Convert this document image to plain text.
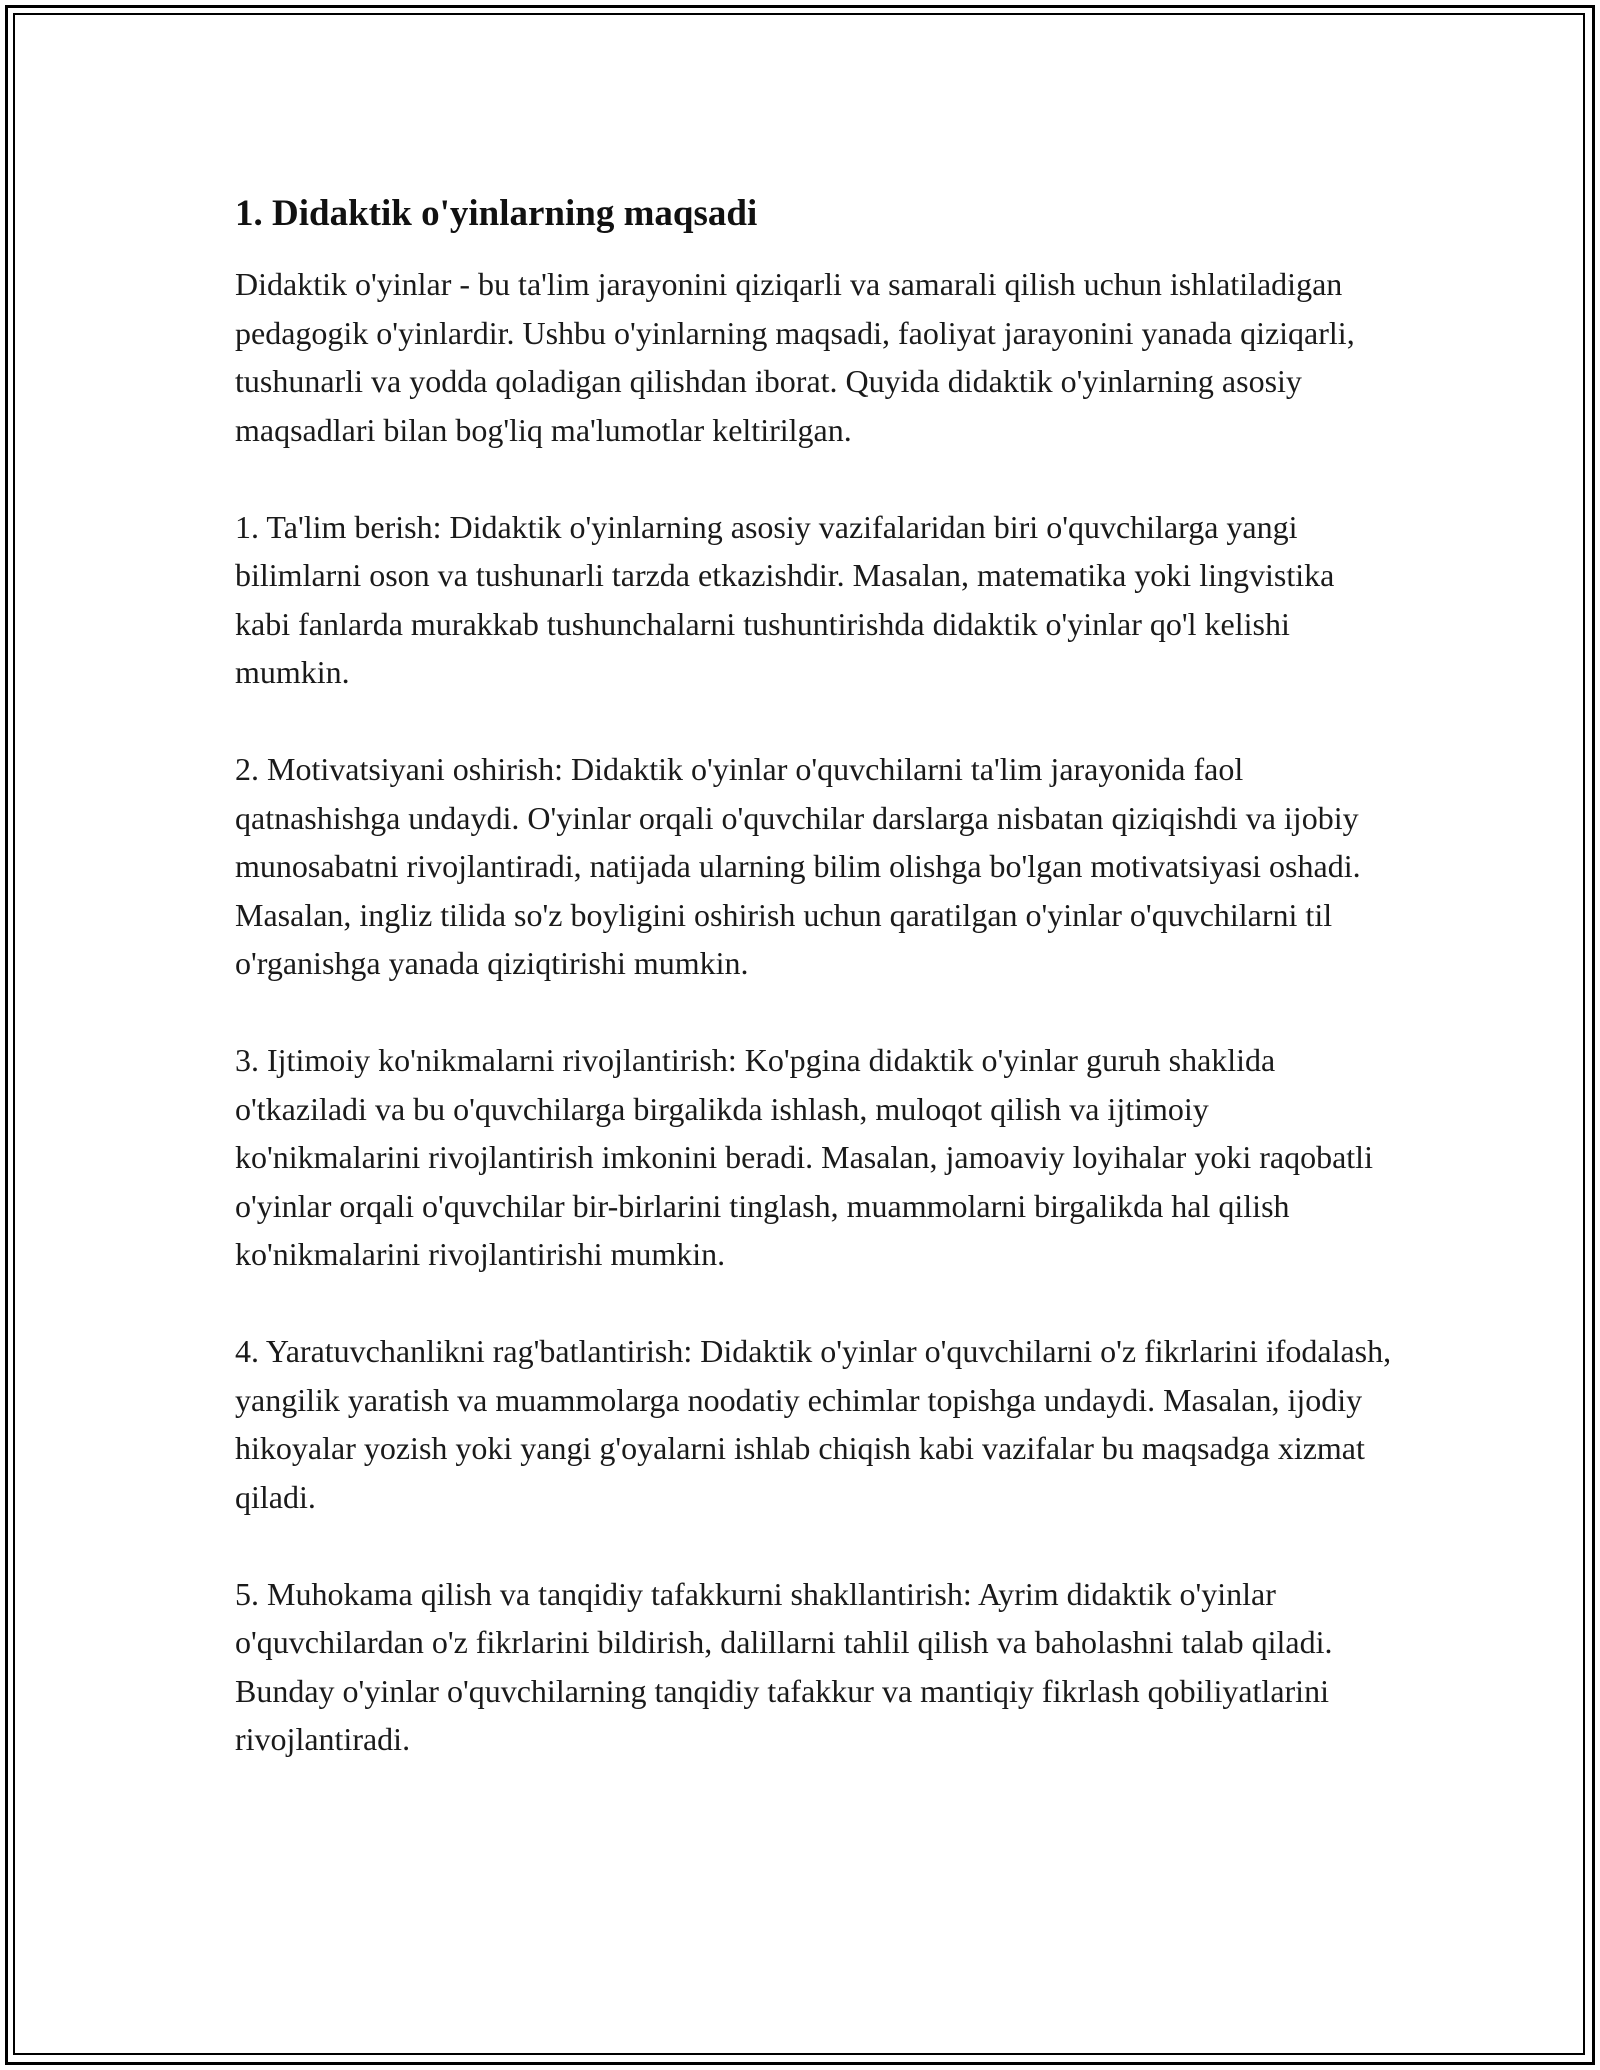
1. Didaktik o'yinlarning maqsadi

Didaktik o'yinlar - bu ta'lim jarayonini qiziqarli va samarali qilish uchun ishlatiladigan pedagogik o'yinlardir. Ushbu o'yinlarning maqsadi, faoliyat jarayonini yanada qiziqarli, tushunarli va yodda qoladigan qilishdan iborat. Quyida didaktik o'yinlarning asosiy maqsadlari bilan bog'liq ma'lumotlar keltirilgan.

1. Ta'lim berish: Didaktik o'yinlarning asosiy vazifalaridan biri o'quvchilarga yangi bilimlarni oson va tushunarli tarzda etkazishdir. Masalan, matematika yoki lingvistika kabi fanlarda murakkab tushunchalarni tushuntirishda didaktik o'yinlar qo'l kelishi mumkin.

2. Motivatsiyani oshirish: Didaktik o'yinlar o'quvchilarni ta'lim jarayonida faol qatnashishga undaydi. O'yinlar orqali o'quvchilar darslarga nisbatan qiziqishdi va ijobiy munosabatni rivojlantiradi, natijada ularning bilim olishga bo'lgan motivatsiyasi oshadi. Masalan, ingliz tilida so'z boyligini oshirish uchun qaratilgan o'yinlar o'quvchilarni til o'rganishga yanada qiziqtirishi mumkin.

3. Ijtimoiy ko'nikmalarni rivojlantirish: Ko'pgina didaktik o'yinlar guruh shaklida o'tkaziladi va bu o'quvchilarga birgalikda ishlash, muloqot qilish va ijtimoiy ko'nikmalarini rivojlantirish imkonini beradi. Masalan, jamoaviy loyihalar yoki raqobatli o'yinlar orqali o'quvchilar bir-birlarini tinglash, muammolarni birgalikda hal qilish ko'nikmalarini rivojlantirishi mumkin.

4. Yaratuvchanlikni rag'batlantirish: Didaktik o'yinlar o'quvchilarni o'z fikrlarini ifodalash, yangilik yaratish va muammolarga noodatiy echimlar topishga undaydi. Masalan, ijodiy hikoyalar yozish yoki yangi g'oyalarni ishlab chiqish kabi vazifalar bu maqsadga xizmat qiladi.

5. Muhokama qilish va tanqidiy tafakkurni shakllantirish: Ayrim didaktik o'yinlar o'quvchilardan o'z fikrlarini bildirish, dalillarni tahlil qilish va baholashni talab qiladi. Bunday o'yinlar o'quvchilarning tanqidiy tafakkur va mantiqiy fikrlash qobiliyatlarini rivojlantiradi.
